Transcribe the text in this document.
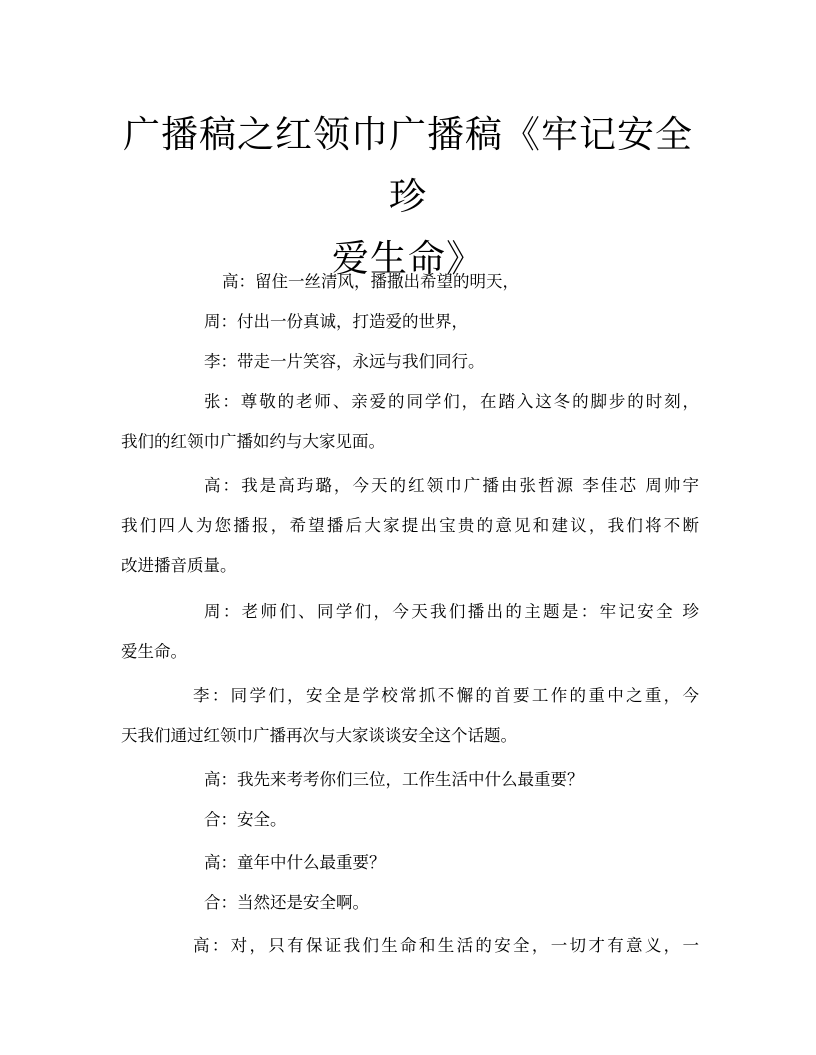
广播稿之红领巾广播稿《牢记安全 珍
爱生命》
高：留住一丝清风，播撒出希望的明天，
周：付出一份真诚，打造爱的世界，
李：带走一片笑容，永远与我们同行。
张：尊敬的老师、亲爱的同学们，在踏入这冬的脚步的时刻，
我们的红领巾广播如约与大家见面。
高：我是高玙璐，今天的红领巾广播由张哲源 李佳芯 周帅宇
我们四人为您播报，希望播后大家提出宝贵的意见和建议，我们将不断
改进播音质量。
周：老师们、同学们，今天我们播出的主题是：牢记安全 珍
爱生命。
李：同学们，安全是学校常抓不懈的首要工作的重中之重，今
天我们通过红领巾广播再次与大家谈谈安全这个话题。
高：我先来考考你们三位，工作生活中什么最重要？
合：安全。
高：童年中什么最重要？
合：当然还是安全啊。
高：对，只有保证我们生命和生活的安全，一切才有意义，一
